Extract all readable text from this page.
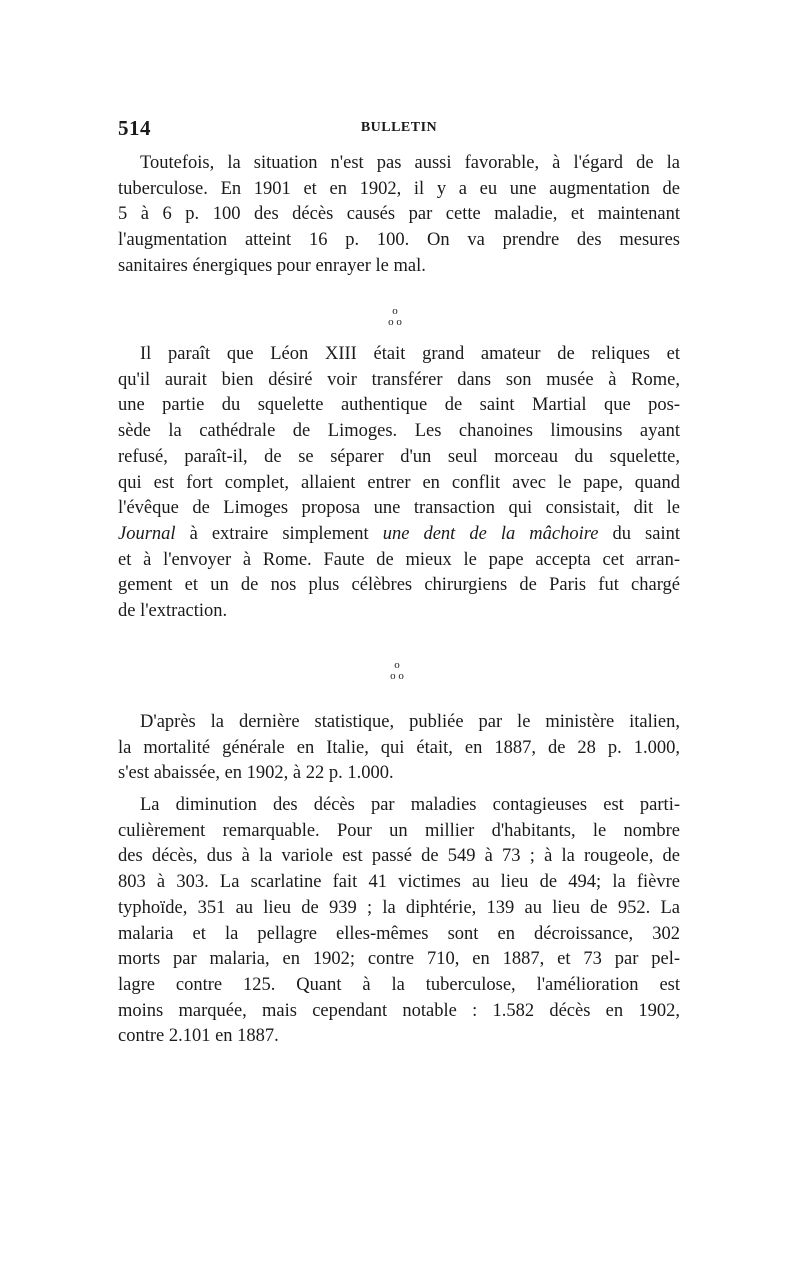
514	BULLETIN
Toutefois, la situation n'est pas aussi favorable, à l'égard de la
tuberculose. En 1901 et en 1902, il y a eu une augmentation de
5 à 6 p. 100 des décès causés par cette maladie, et maintenant
l'augmentation atteint 16 p. 100. On va prendre des mesures
sanitaires énergiques pour enrayer le mal.
o
o o
Il paraît que Léon XIII était grand amateur de reliques et
qu'il aurait bien désiré voir transférer dans son musée à Rome,
une partie du squelette authentique de saint Martial que pos-
sède la cathédrale de Limoges. Les chanoines limousins ayant
refusé, paraît-il, de se séparer d'un seul morceau du squelette,
qui est fort complet, allaient entrer en conflit avec le pape, quand
l'évêque de Limoges proposa une transaction qui consistait, dit le
Journal à extraire simplement une dent de la mâchoire du saint
et à l'envoyer à Rome. Faute de mieux le pape accepta cet arran-
gement et un de nos plus célèbres chirurgiens de Paris fut chargé
de l'extraction.
o
o o
D'après la dernière statistique, publiée par le ministère italien,
la mortalité générale en Italie, qui était, en 1887, de 28 p. 1.000,
s'est abaissée, en 1902, à 22 p. 1.000.
La diminution des décès par maladies contagieuses est parti-
culièrement remarquable. Pour un millier d'habitants, le nombre
des décès, dus à la variole est passé de 549 à 73 ; à la rougeole, de
803 à 303. La scarlatine fait 41 victimes au lieu de 494; la fièvre
typhoïde, 351 au lieu de 939 ; la diphtérie, 139 au lieu de 952. La
malaria et la pellagre elles-mêmes sont en décroissance, 302
morts par malaria, en 1902; contre 710, en 1887, et 73 par pel-
lagre contre 125. Quant à la tuberculose, l'amélioration est
moins marquée, mais cependant notable : 1.582 décès en 1902,
contre 2.101 en 1887.
